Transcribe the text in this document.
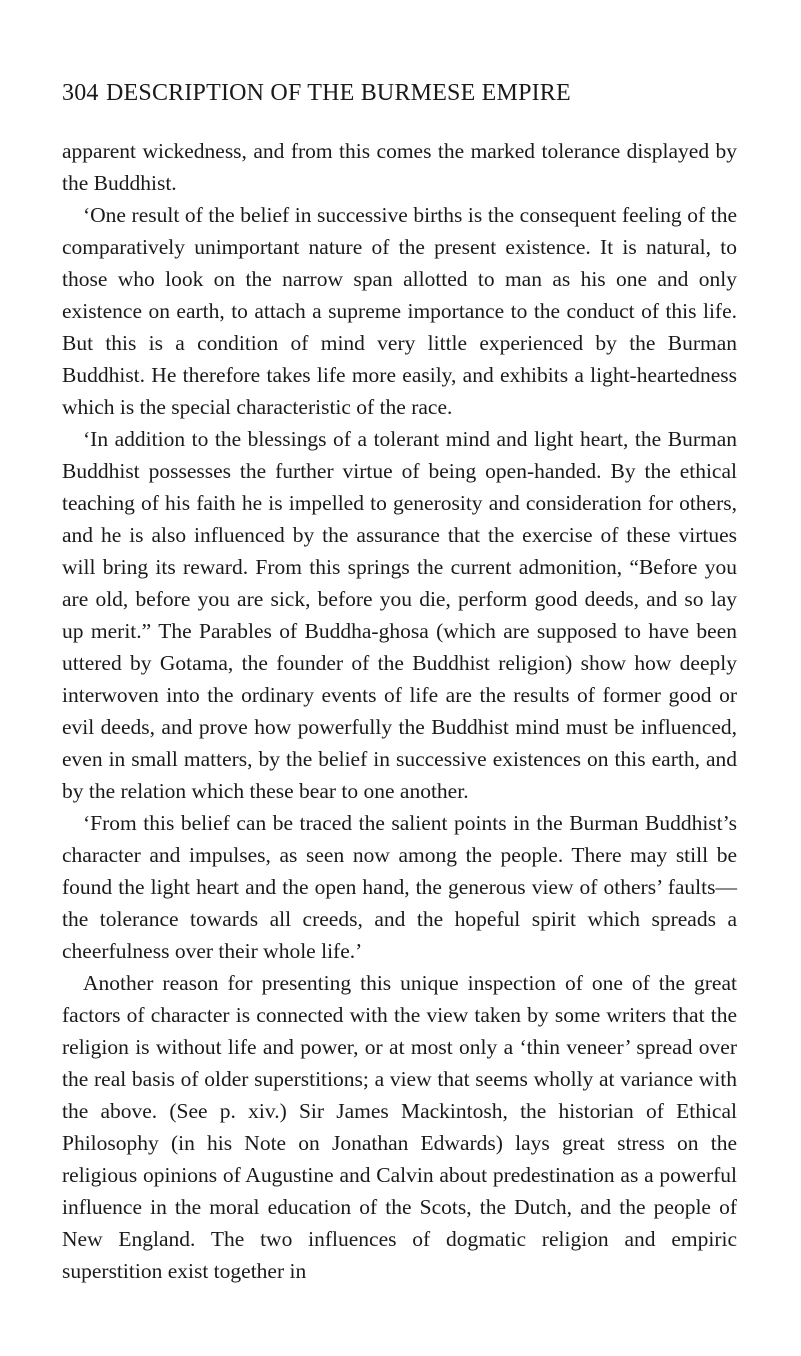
304 DESCRIPTION OF THE BURMESE EMPIRE

apparent wickedness, and from this comes the marked tolerance displayed by the Buddhist.

‘One result of the belief in successive births is the consequent feeling of the comparatively unimportant nature of the present existence. It is natural, to those who look on the narrow span allotted to man as his one and only existence on earth, to attach a supreme importance to the conduct of this life. But this is a condition of mind very little experienced by the Burman Buddhist. He therefore takes life more easily, and exhibits a light-heartedness which is the special characteristic of the race.

‘In addition to the blessings of a tolerant mind and light heart, the Burman Buddhist possesses the further virtue of being open-handed. By the ethical teaching of his faith he is impelled to generosity and consideration for others, and he is also influenced by the assurance that the exercise of these virtues will bring its reward. From this springs the current admonition, “Before you are old, before you are sick, before you die, perform good deeds, and so lay up merit.” The Parables of Buddha-ghosa (which are supposed to have been uttered by Gotama, the founder of the Buddhist religion) show how deeply interwoven into the ordinary events of life are the results of former good or evil deeds, and prove how powerfully the Buddhist mind must be influenced, even in small matters, by the belief in successive existences on this earth, and by the relation which these bear to one another.

‘From this belief can be traced the salient points in the Burman Buddhist’s character and impulses, as seen now among the people. There may still be found the light heart and the open hand, the generous view of others’ faults—the tolerance towards all creeds, and the hopeful spirit which spreads a cheerfulness over their whole life.’

Another reason for presenting this unique inspection of one of the great factors of character is connected with the view taken by some writers that the religion is without life and power, or at most only a ‘thin veneer’ spread over the real basis of older superstitions; a view that seems wholly at variance with the above. (See p. xiv.) Sir James Mackintosh, the historian of Ethical Philosophy (in his Note on Jonathan Edwards) lays great stress on the religious opinions of Augustine and Calvin about predestination as a powerful influence in the moral education of the Scots, the Dutch, and the people of New England. The two influences of dogmatic religion and empiric superstition exist together in
